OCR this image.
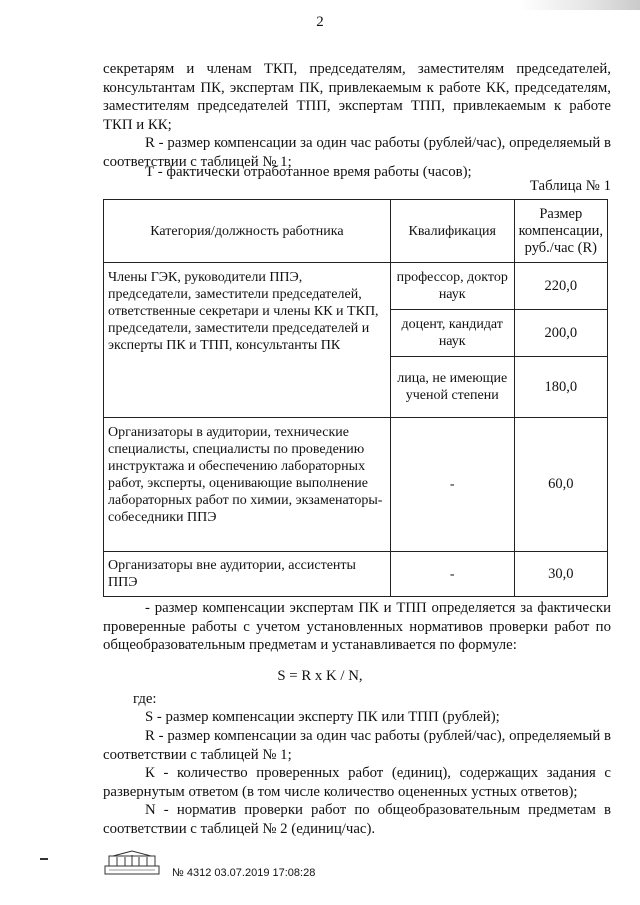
2

секретарям и членам ТКП, председателям, заместителям председателей, консультантам ПК, экспертам ПК, привлекаемым к работе КК, председателям, заместителям председателей ТПП, экспертам ТПП, привлекаемым к работе ТКП и КК;

R - размер компенсации за один час работы (рублей/час), определяемый в соответствии с таблицей № 1;

Т - фактически отработанное время работы (часов);

Таблица № 1
Категория/должность работника	Квалификация	Размер компенсации, руб./час (R)
Члены ГЭК, руководители ППЭ, председатели, заместители председателей, ответственные секретари и члены КК и ТКП, председатели, заместители председателей и эксперты ПК и ТПП, консультанты ПК	профессор, доктор наук	220,0
	доцент, кандидат наук	200,0
	лица, не имеющие ученой степени	180,0
Организаторы в аудитории, технические специалисты, специалисты по проведению инструктажа и обеспечению лабораторных работ, эксперты, оценивающие выполнение лабораторных работ по химии, экзаменаторы-собеседники ППЭ	-	60,0
Организаторы вне аудитории, ассистенты ППЭ	-	30,0

- размер компенсации экспертам ПК и ТПП определяется за фактически проверенные работы с учетом установленных нормативов проверки работ по общеобразовательным предметам и устанавливается по формуле:

S = R x K / N,

где:

S - размер компенсации эксперту ПК или ТПП (рублей);

R - размер компенсации за один час работы (рублей/час), определяемый в соответствии с таблицей № 1;

К - количество проверенных работ (единиц), содержащих задания с развернутым ответом (в том числе количество оцененных устных ответов);

N - норматив проверки работ по общеобразовательным предметам в соответствии с таблицей № 2 (единиц/час).

№ 4312 03.07.2019 17:08:28
